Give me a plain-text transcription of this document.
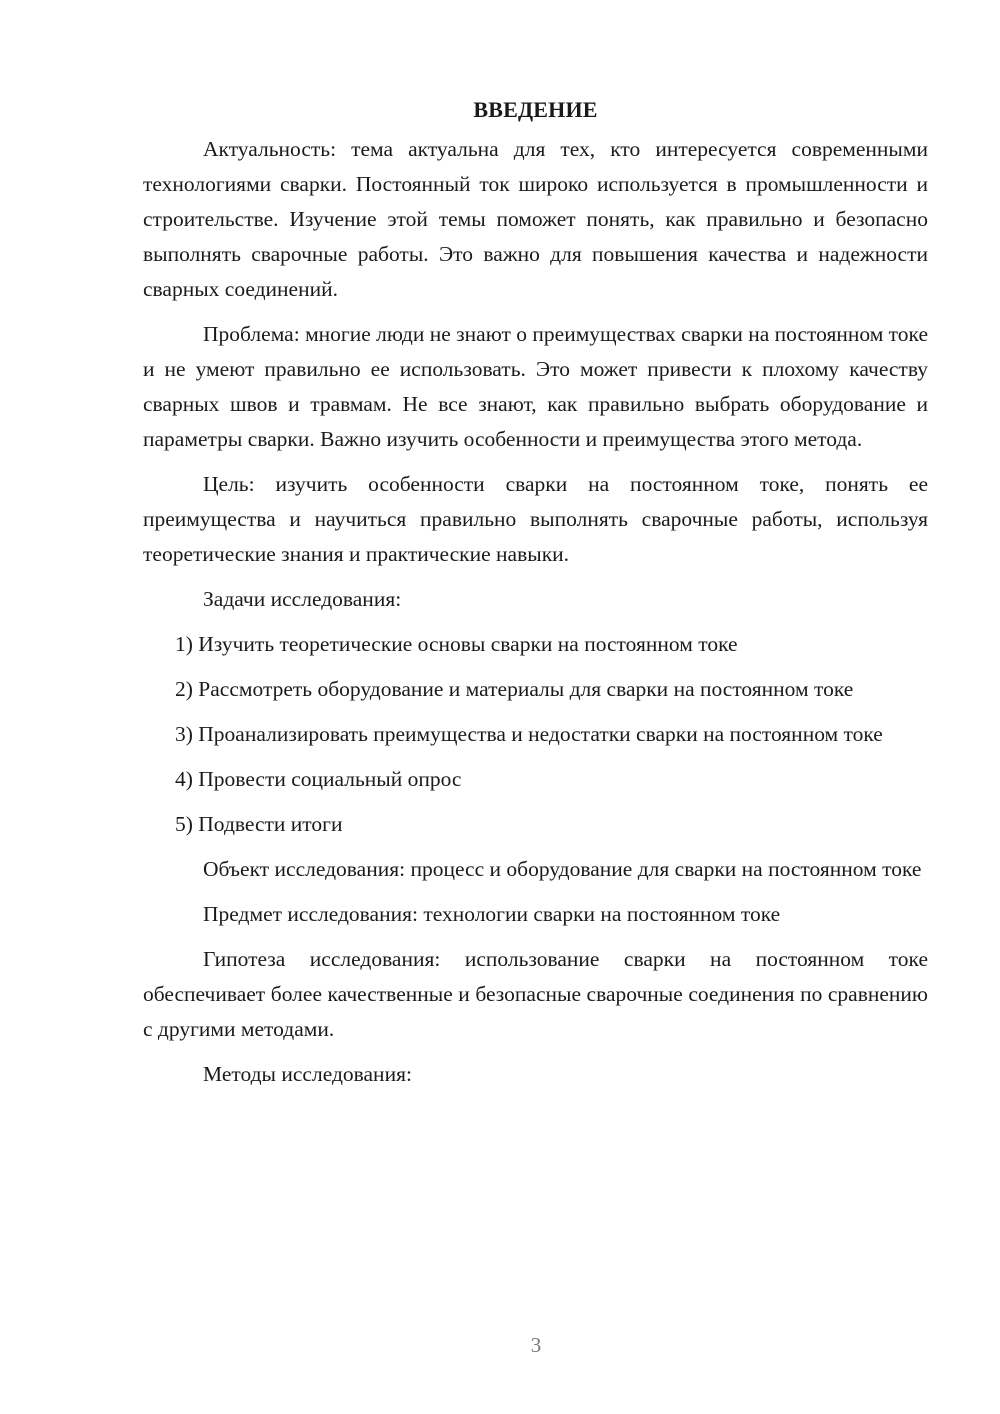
ВВЕДЕНИЕ

Актуальность: тема актуальна для тех, кто интересуется современными технологиями сварки. Постоянный ток широко используется в промышленности и строительстве. Изучение этой темы поможет понять, как правильно и безопасно выполнять сварочные работы. Это важно для повышения качества и надежности сварных соединений.

Проблема: многие люди не знают о преимуществах сварки на постоянном токе и не умеют правильно ее использовать. Это может привести к плохому качеству сварных швов и травмам. Не все знают, как правильно выбрать оборудование и параметры сварки. Важно изучить особенности и преимущества этого метода.

Цель: изучить особенности сварки на постоянном токе, понять ее преимущества и научиться правильно выполнять сварочные работы, используя теоретические знания и практические навыки.

Задачи исследования:

1) Изучить теоретические основы сварки на постоянном токе

2) Рассмотреть оборудование и материалы для сварки на постоянном токе

3) Проанализировать преимущества и недостатки сварки на постоянном токе

4) Провести социальный опрос

5) Подвести итоги

Объект исследования: процесс и оборудование для сварки на постоянном токе

Предмет исследования: технологии сварки на постоянном токе

Гипотеза исследования: использование сварки на постоянном токе обеспечивает более качественные и безопасные сварочные соединения по сравнению с другими методами.

Методы исследования:

3
